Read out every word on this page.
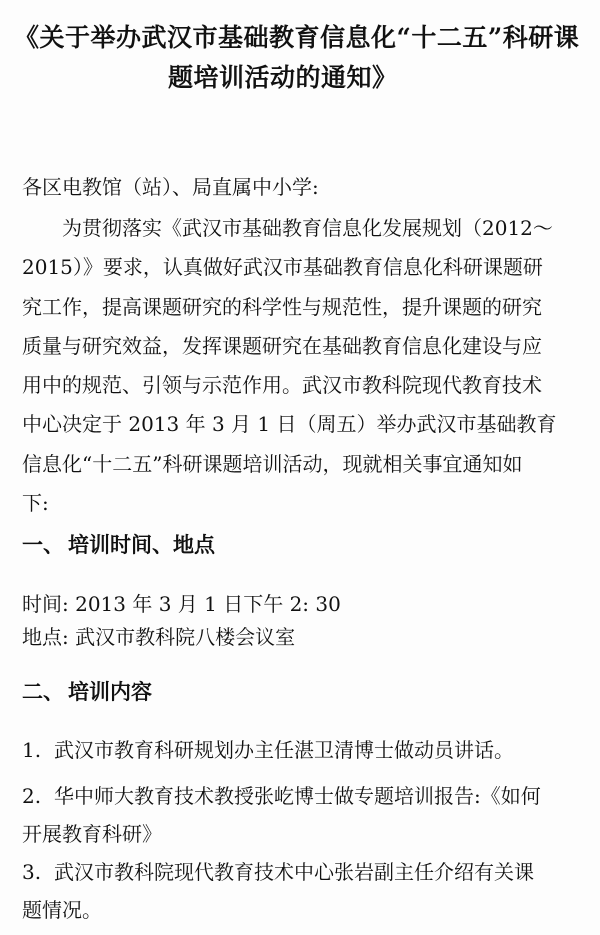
《关于举办武汉市基础教育信息化“十二五”科研课
题培训活动的通知》

各区电教馆（站）、局直属中小学:

　　为贯彻落实《武汉市基础教育信息化发展规划（2012～
2015）》要求，认真做好武汉市基础教育信息化科研课题研
究工作，提高课题研究的科学性与规范性，提升课题的研究
质量与研究效益，发挥课题研究在基础教育信息化建设与应
用中的规范、引领与示范作用。武汉市教科院现代教育技术
中心决定于 2013 年 3 月 1 日（周五）举办武汉市基础教育
信息化“十二五”科研课题培训活动，现就相关事宜通知如
下:
一、 培训时间、地点

时间: 2013 年 3 月 1 日下午 2: 30

地点: 武汉市教科院八楼会议室

二、 培训内容
1. 武汉市教育科研规划办主任湛卫清博士做动员讲话。
2. 华中师大教育技术教授张屹博士做专题培训报告:《如何
开展教育科研》
3. 武汉市教科院现代教育技术中心张岩副主任介绍有关课
题情况。
